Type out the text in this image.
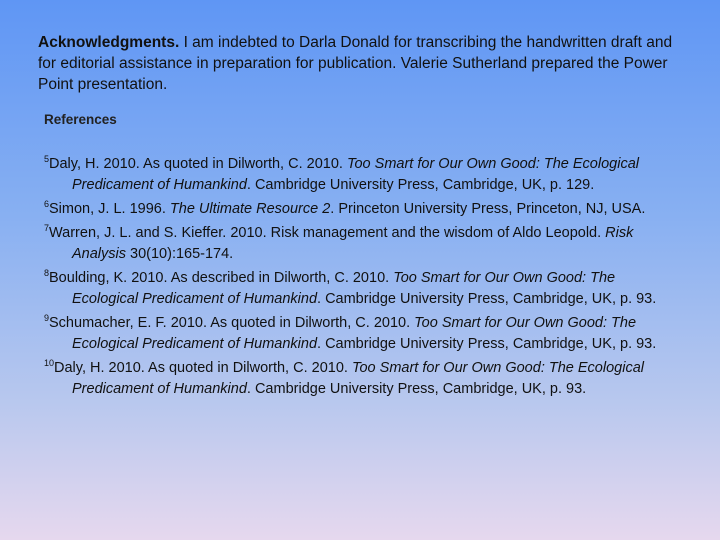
Acknowledgments. I am indebted to Darla Donald for transcribing the handwritten draft and for editorial assistance in preparation for publication. Valerie Sutherland prepared the Power Point presentation.
References
$^5$Daly, H. 2010. As quoted in Dilworth, C. 2010. Too Smart for Our Own Good: The Ecological Predicament of Humankind. Cambridge University Press, Cambridge, UK, p. 129.
$^6$Simon, J. L. 1996. The Ultimate Resource 2. Princeton University Press, Princeton, NJ, USA.
$^7$Warren, J. L. and S. Kieffer. 2010. Risk management and the wisdom of Aldo Leopold. Risk Analysis 30(10):165-174.
$^8$Boulding, K. 2010. As described in Dilworth, C. 2010. Too Smart for Our Own Good: The Ecological Predicament of Humankind. Cambridge University Press, Cambridge, UK, p. 93.
$^9$Schumacher, E. F. 2010. As quoted in Dilworth, C. 2010. Too Smart for Our Own Good: The Ecological Predicament of Humankind. Cambridge University Press, Cambridge, UK, p. 93.
$^{10}$Daly, H. 2010. As quoted in Dilworth, C. 2010. Too Smart for Our Own Good: The Ecological Predicament of Humankind. Cambridge University Press, Cambridge, UK, p. 93.
